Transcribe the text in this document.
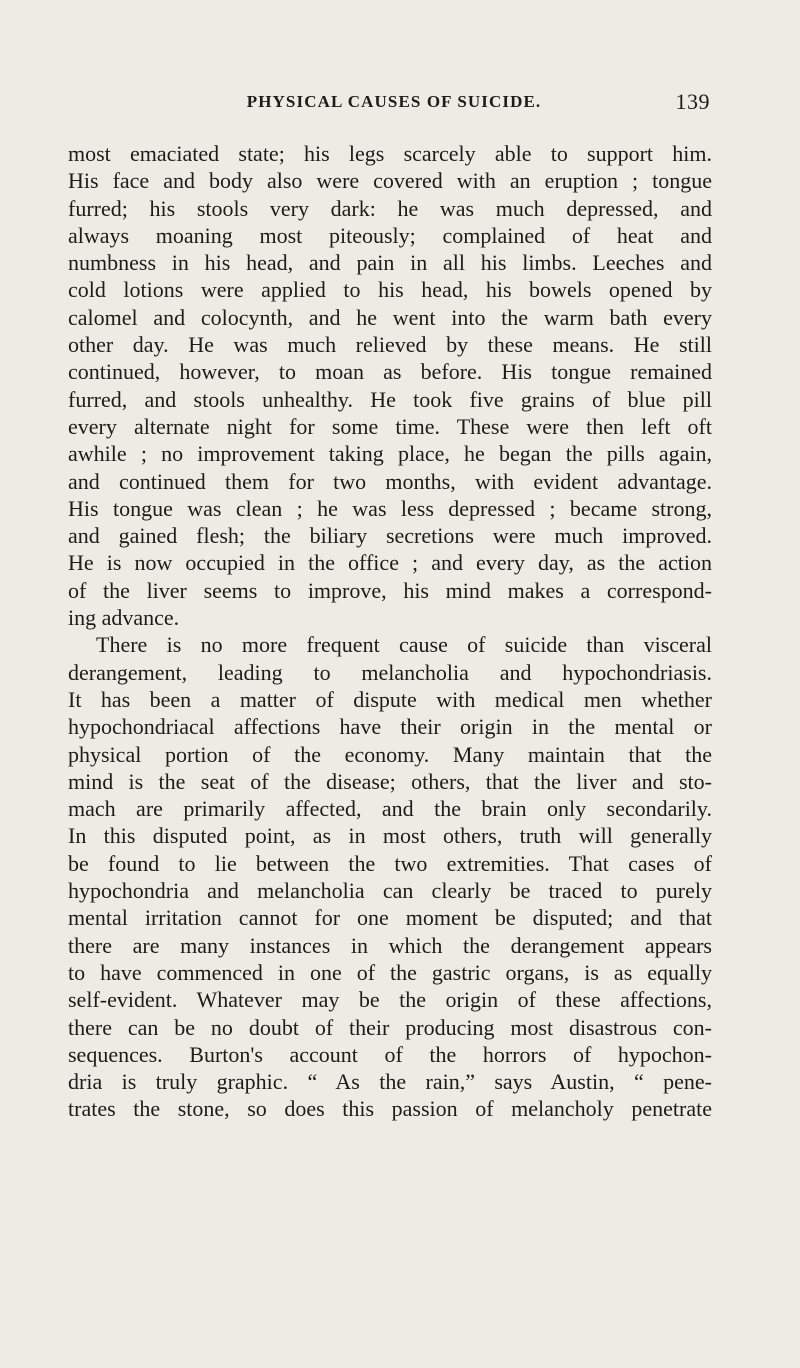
PHYSICAL CAUSES OF SUICIDE.	139
most emaciated state; his legs scarcely able to support him.
His face and body also were covered with an eruption ; tongue
furred; his stools very dark: he was much depressed, and
always moaning most piteously; complained of heat and
numbness in his head, and pain in all his limbs. Leeches and
cold lotions were applied to his head, his bowels opened by
calomel and colocynth, and he went into the warm bath every
other day. He was much relieved by these means. He still
continued, however, to moan as before. His tongue remained
furred, and stools unhealthy. He took five grains of blue pill
every alternate night for some time. These were then left oft
awhile ; no improvement taking place, he began the pills again,
and continued them for two months, with evident advantage.
His tongue was clean ; he was less depressed ; became strong,
and gained flesh; the biliary secretions were much improved.
He is now occupied in the office ; and every day, as the action
of the liver seems to improve, his mind makes a correspond-
ing advance.
There is no more frequent cause of suicide than visceral
derangement, leading to melancholia and hypochondriasis.
It has been a matter of dispute with medical men whether
hypochondriacal affections have their origin in the mental or
physical portion of the economy. Many maintain that the
mind is the seat of the disease; others, that the liver and sto-
mach are primarily affected, and the brain only secondarily.
In this disputed point, as in most others, truth will generally
be found to lie between the two extremities. That cases of
hypochondria and melancholia can clearly be traced to purely
mental irritation cannot for one moment be disputed; and that
there are many instances in which the derangement appears
to have commenced in one of the gastric organs, is as equally
self-evident. Whatever may be the origin of these affections,
there can be no doubt of their producing most disastrous con-
sequences. Burton's account of the horrors of hypochon-
dria is truly graphic. “ As the rain,” says Austin, “ pene-
trates the stone, so does this passion of melancholy penetrate
